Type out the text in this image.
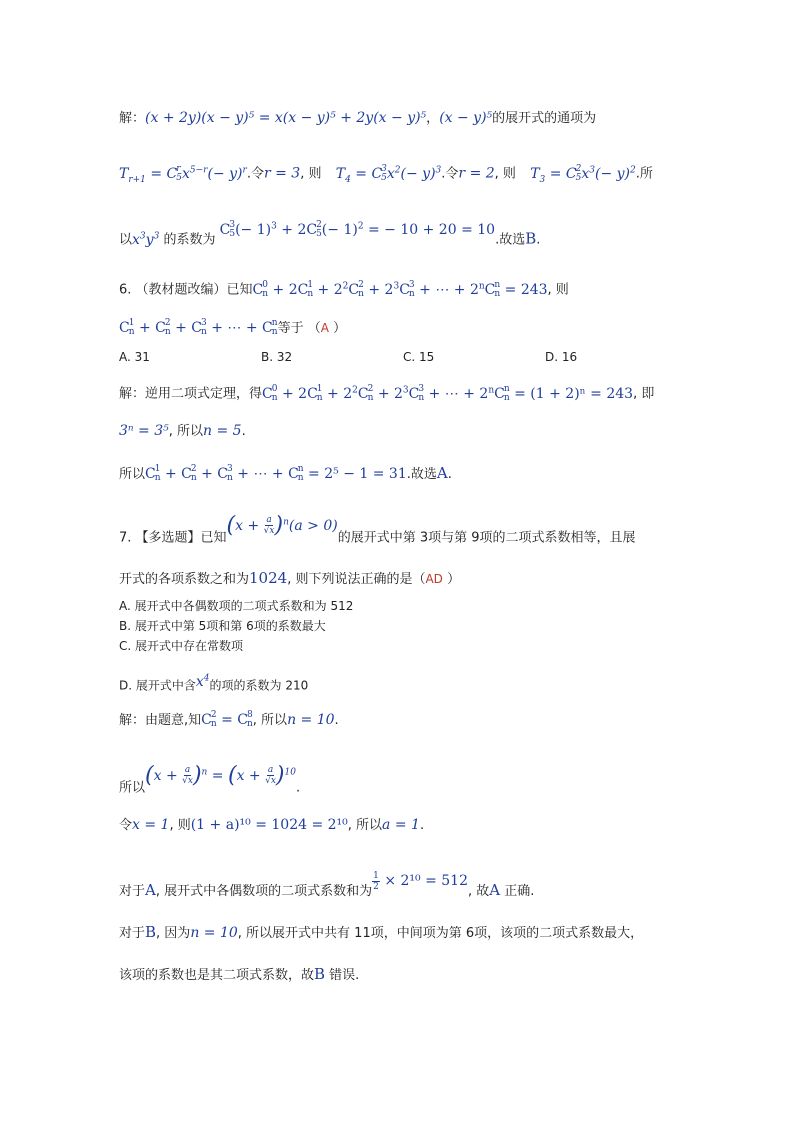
解：(x + 2y)(x − y)⁵ = x(x − y)⁵ + 2y(x − y)⁵，(x − y)⁵的展开式的通项为
$T_{r+1} = C$ r
5 $x^{5-r}(- y)^r$.令r = 3, 则 $T_4 = C$ 3
5 $x^2(- y)^3$.令r = 2, 则 $T_3 = C$ 2
5 $x^3(- y)^2$.所
以$x^3y^3$ 的系数为 C 3
5 (− 1)$^3$ + 2C 2
5 (− 1)$^2$ = − 10 + 20 = 10.故选B.
6. （教材题改编）已知C 0
n + 2C 1
$n + 2^2C$ 2
$n + 2^3C$ 3
n + ⋯ + $2^nC$ n
n = 243, 则
C 1
n + C 2
n + C 3
n + ⋯ + C n
n 等于 （A ）
A. 31	B. 32	C. 15	D. 16
解：逆用二项式定理，得C 0
n + 2C 1
$n + 2^2C$ 2
$n + 2^3C$ 3
n + ⋯ + $2^nC$ n
n = (1 + 2)ⁿ = 243, 即
3ⁿ = 3⁵, 所以n = 5.
所以C 1
n + C 2
n + C 3
n + ⋯ + C n
n = 2⁵ − 1 = 31.故选A.
7. 【多选题】已知$(x + \frac{a}{√x} )^n(a > 0)$的展开式中第 3项与第 9项的二项式系数相等，且展
开式的各项系数之和为1024, 则下列说法正确的是（AD ）
A. 展开式中各偶数项的二项式系数和为 512
B. 展开式中第 5项和第 6项的系数最大
C. 展开式中存在常数项
D. 展开式中含$x^4$的项的系数为 210
解：由题意,知C 2
n = C 8
n , 所以n = 10.
所以$(x + \frac{a}{√x} )^n = (x + \frac{a}{√x} )^{10}$.
令x = 1, 则(1 + a)¹⁰ = 1024 = 2¹⁰, 所以a = 1.
对于A, 展开式中各偶数项的二项式系数和为 $\frac{1}{2} \times 2^{10} = 512$, 故A 正确.
对于B, 因为n = 10, 所以展开式中共有 11项，中间项为第 6项，该项的二项式系数最大，
该项的系数也是其二项式系数，故B 错误.
